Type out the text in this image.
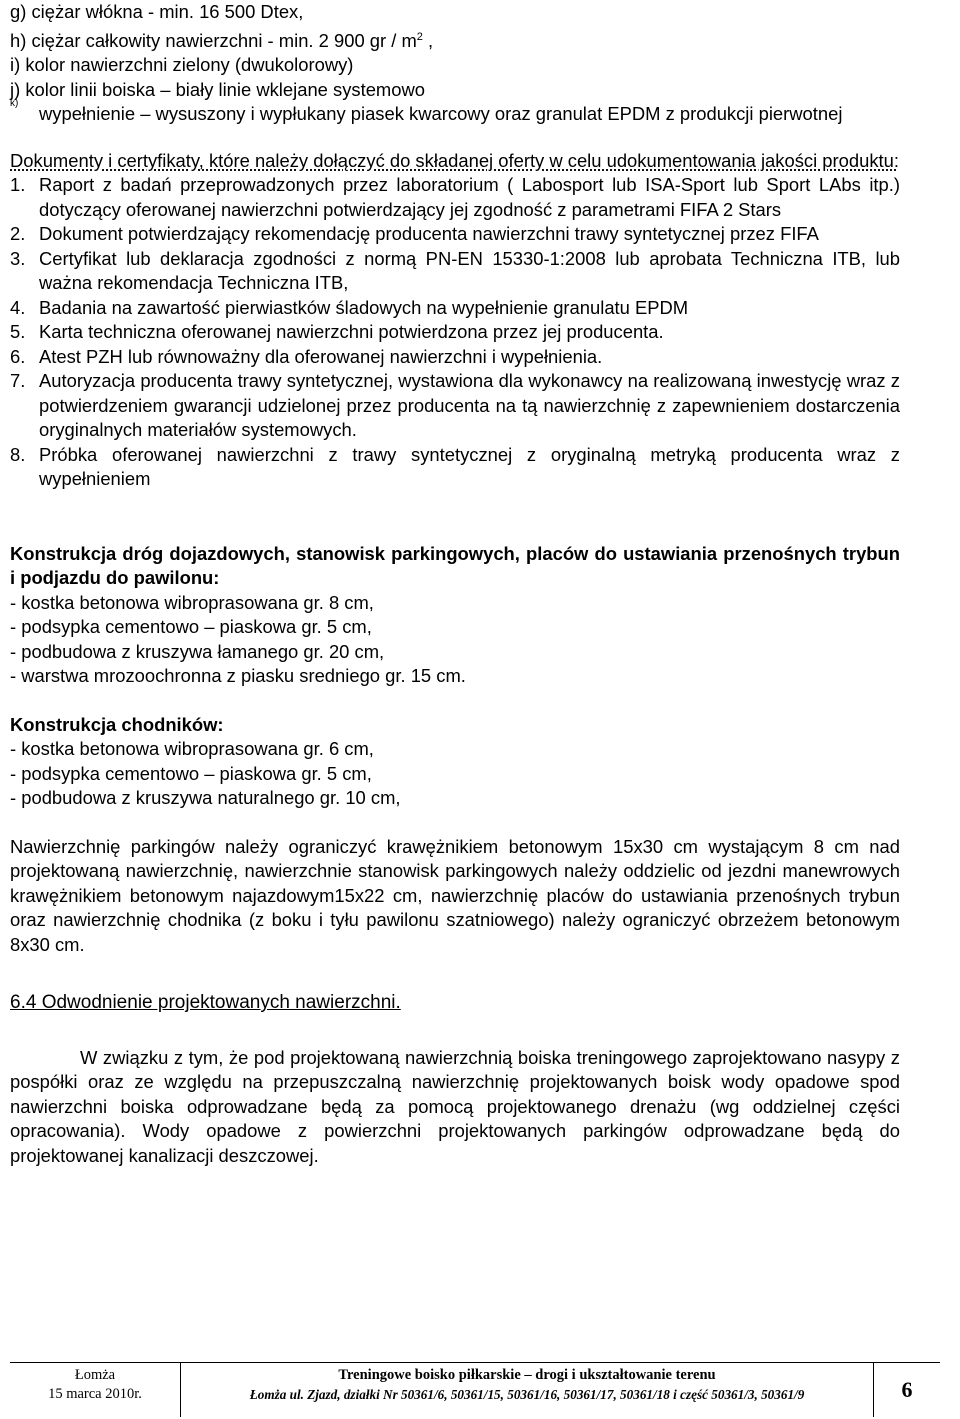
g) ciężar włókna - min. 16 500 Dtex,

h) ciężar całkowity nawierzchni - min. 2 900 gr / $m^2$ ,

i) kolor nawierzchni zielony (dwukolorowy)

j) kolor linii boiska – biały linie wklejane systemowo

k) wypełnienie – wysuszony i wypłukany piasek kwarcowy oraz granulat EPDM z produkcji pierwotnej

Dokumenty i certyfikaty, które należy dołączyć do składanej oferty w celu udokumentowania jakości produktu:

1. Raport z badań przeprowadzonych przez laboratorium ( Labosport lub ISA-Sport lub Sport LAbs itp.) dotyczący oferowanej nawierzchni potwierdzający jej zgodność z parametrami FIFA 2 Stars
2. Dokument potwierdzający rekomendację producenta nawierzchni trawy syntetycznej przez FIFA
3. Certyfikat lub deklaracja zgodności z normą PN-EN 15330-1:2008 lub aprobata Techniczna ITB, lub ważna rekomendacja Techniczna ITB,
4. Badania na zawartość pierwiastków śladowych na wypełnienie granulatu EPDM
5. Karta techniczna oferowanej nawierzchni potwierdzona przez jej producenta.
6. Atest PZH lub równoważny dla oferowanej nawierzchni i wypełnienia.
7. Autoryzacja producenta trawy syntetycznej, wystawiona dla wykonawcy na realizowaną inwestycję wraz z potwierdzeniem gwarancji udzielonej przez producenta na tą nawierzchnię z zapewnieniem dostarczenia oryginalnych materiałów systemowych.
8. Próbka oferowanej nawierzchni z trawy syntetycznej z oryginalną metryką producenta wraz z wypełnieniem

Konstrukcja dróg dojazdowych, stanowisk parkingowych, placów do ustawiania przenośnych trybun i podjazdu do pawilonu:

- kostka betonowa wibroprasowana gr. 8 cm,

- podsypka cementowo – piaskowa gr. 5 cm,

- podbudowa z kruszywa łamanego gr. 20 cm,

- warstwa mrozoochronna z piasku sredniego gr. 15 cm.

Konstrukcja chodników:

- kostka betonowa wibroprasowana gr. 6 cm,

- podsypka cementowo – piaskowa gr. 5 cm,

- podbudowa z kruszywa naturalnego gr. 10 cm,

Nawierzchnię parkingów należy ograniczyć krawężnikiem betonowym 15x30 cm wystającym 8 cm nad projektowaną nawierzchnię, nawierzchnie stanowisk parkingowych należy oddzielic od jezdni manewrowych krawężnikiem betonowym najazdowym15x22 cm, nawierzchnię placów do ustawiania przenośnych trybun oraz nawierzchnię chodnika (z boku i tyłu pawilonu szatniowego) należy ograniczyć obrzeżem betonowym 8x30 cm.

6.4 Odwodnienie projektowanych nawierzchni.

W związku z tym, że pod projektowaną nawierzchnią boiska treningowego zaprojektowano nasypy z pospółki oraz ze względu na przepuszczalną nawierzchnię projektowanych boisk wody opadowe spod nawierzchni boiska odprowadzane będą za pomocą projektowanego drenażu (wg oddzielnej części opracowania). Wody opadowe z powierzchni projektowanych parkingów odprowadzane będą do projektowanej kanalizacji deszczowej.

Łomża
15 marca 2010r.
Treningowe boisko piłkarskie – drogi i ukształtowanie terenu
Łomża ul. Zjazd, działki Nr 50361/6, 50361/15, 50361/16, 50361/17, 50361/18 i część 50361/3, 50361/9	6
